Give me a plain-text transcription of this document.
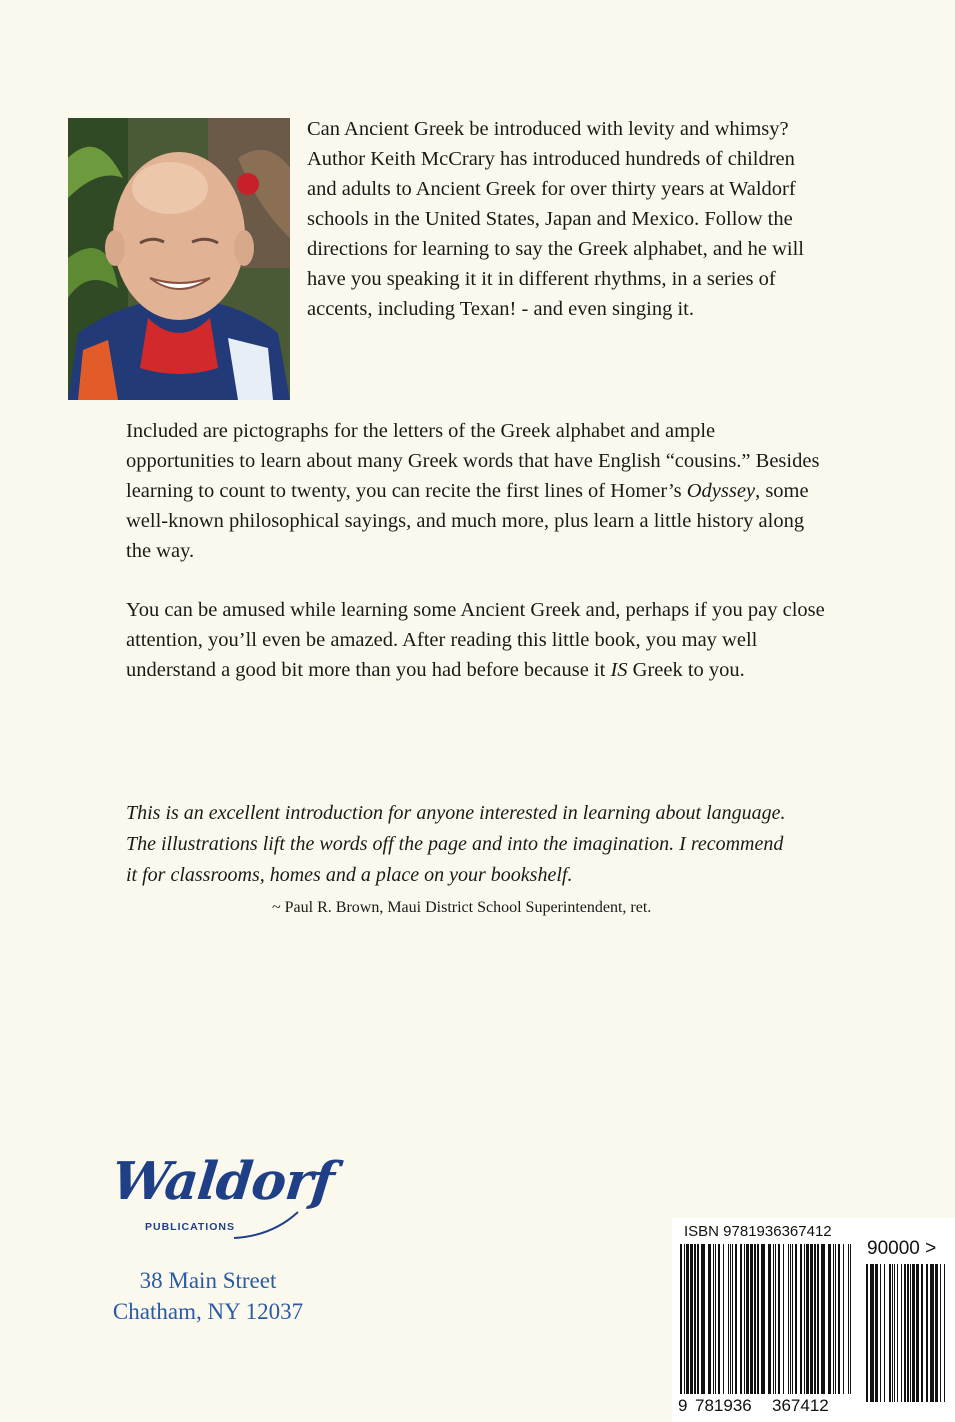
Can Ancient Greek be introduced with levity and whimsy? Author Keith McCrary has introduced hundreds of children and adults to Ancient Greek for over thirty years at Waldorf schools in the United States, Japan and Mexico. Follow the directions for learning to say the Greek alphabet, and he will have you speaking it it in different rhythms, in a series of accents, including Texan! - and even singing it.

Included are pictographs for the letters of the Greek alphabet and ample opportunities to learn about many Greek words that have English “cousins.” Besides learning to count to twenty, you can recite the first lines of Homer’s Odyssey, some well-known philosophical sayings, and much more, plus learn a little history along the way.

You can be amused while learning some Ancient Greek and, perhaps if you pay close attention, you’ll even be amazed. After reading this little book, you may well understand a good bit more than you had before because it IS Greek to you.

This is an excellent introduction for anyone interested in learning about language. The illustrations lift the words off the page and into the imagination. I recommend it for classrooms, homes and a place on your bookshelf.

~ Paul R. Brown, Maui District School Superintendent, ret.
Waldorf
PUBLICATIONS
38 Main Street
Chatham, NY 12037
ISBN 9781936367412
90000 >
9 781936 367412
